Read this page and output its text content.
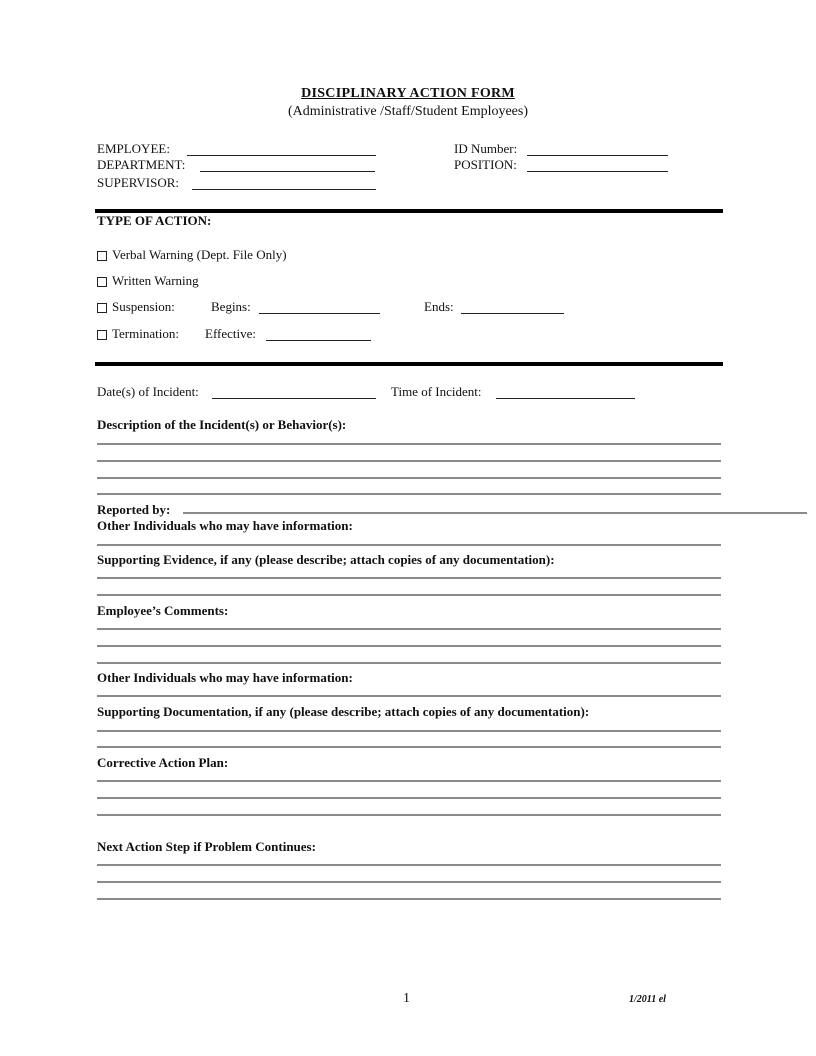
DISCIPLINARY ACTION FORM
(Administrative /Staff/Student Employees)
EMPLOYEE:
DEPARTMENT:
SUPERVISOR:
ID Number:
POSITION:
TYPE OF ACTION:
Verbal Warning (Dept. File Only)
Written Warning
Suspension:	Begins:	Ends:
Termination: Effective:
Date(s) of Incident:	Time of Incident:
Description of the Incident(s) or Behavior(s):
Reported by:
Other Individuals who may have information:
Supporting Evidence, if any (please describe; attach copies of any documentation):
Employee’s Comments:
Other Individuals who may have information:
Supporting Documentation, if any (please describe; attach copies of any documentation):
Corrective Action Plan:
Next Action Step if Problem Continues:
1	1/2011 el
